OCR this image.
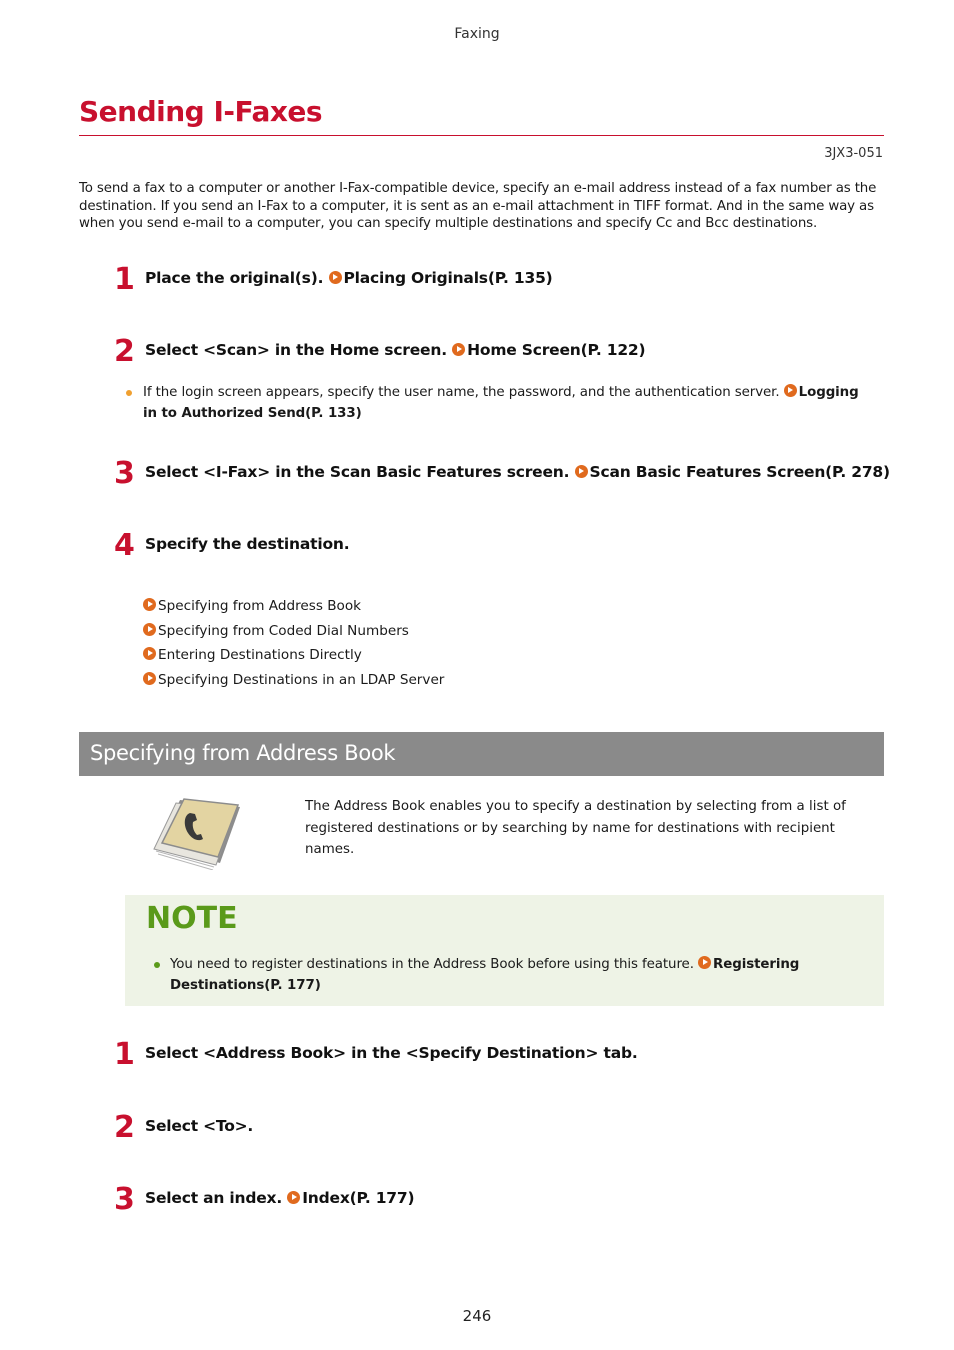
Faxing
Sending I-Faxes
3JX3-051
To send a fax to a computer or another I-Fax-compatible device, specify an e-mail address instead of a fax number as the destination. If you send an I-Fax to a computer, it is sent as an e-mail attachment in TIFF format. And in the same way as when you send e-mail to a computer, you can specify multiple destinations and specify Cc and Bcc destinations.
1 Place the original(s). Placing Originals(P. 135)
2 Select <Scan> in the Home screen. Home Screen(P. 122)
If the login screen appears, specify the user name, the password, and the authentication server. Logging
in to Authorized Send(P. 133)
3 Select <I-Fax> in the Scan Basic Features screen. Scan Basic Features Screen(P. 278)
4 Specify the destination.
Specifying from Address Book
Specifying from Coded Dial Numbers
Entering Destinations Directly
Specifying Destinations in an LDAP Server
Specifying from Address Book
The Address Book enables you to specify a destination by selecting from a list of registered destinations or by searching by name for destinations with recipient names.
NOTE
You need to register destinations in the Address Book before using this feature. Registering
Destinations(P. 177)
1 Select <Address Book> in the <Specify Destination> tab.
2 Select <To>.
3 Select an index. Index(P. 177)
246
